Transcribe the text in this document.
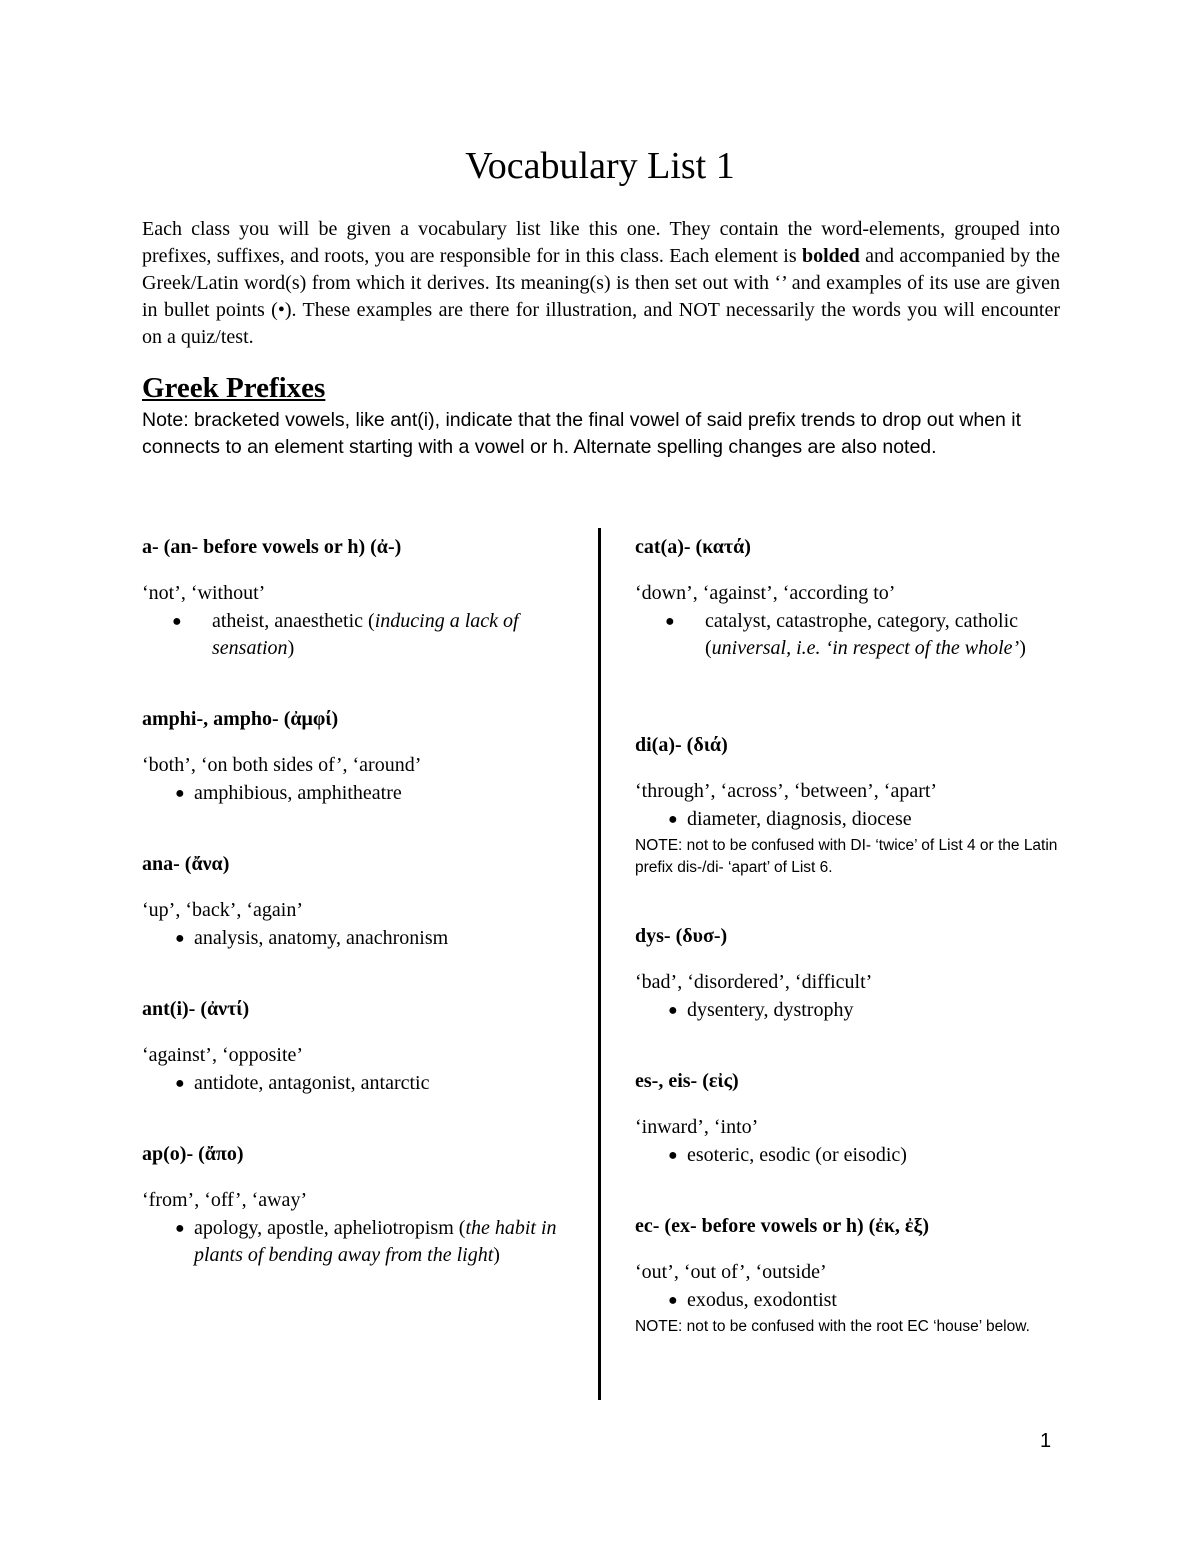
Vocabulary List 1

Each class you will be given a vocabulary list like this one. They contain the word-elements, grouped into prefixes, suffixes, and roots, you are responsible for in this class. Each element is bolded and accompanied by the Greek/Latin word(s) from which it derives. Its meaning(s) is then set out with ‘’ and examples of its use are given in bullet points (•). These examples are there for illustration, and NOT necessarily the words you will encounter on a quiz/test.

Greek Prefixes

Note: bracketed vowels, like ant(i), indicate that the final vowel of said prefix trends to drop out when it connects to an element starting with a vowel or h. Alternate spelling changes are also noted.

a- (an- before vowels or h) (ἀ-)

‘not’, ‘without’

● atheist, anaesthetic (inducing a lack of sensation)

amphi-, ampho- (ἀμφί)

‘both’, ‘on both sides of’, ‘around’

● amphibious, amphitheatre

ana- (ἄνα)

‘up’, ‘back’, ‘again’

● analysis, anatomy, anachronism

ant(i)- (ἀντί)

‘against’, ‘opposite’

● antidote, antagonist, antarctic

ap(o)- (ἄπο)

‘from’, ‘off’, ‘away’

● apology, apostle, apheliotropism (the habit in plants of bending away from the light)

cat(a)- (κατά)

‘down’, ‘against’, ‘according to’

● catalyst, catastrophe, category, catholic (universal, i.e. ‘in respect of the whole’)

di(a)- (διά)

‘through’, ‘across’, ‘between’, ‘apart’

● diameter, diagnosis, diocese

NOTE: not to be confused with DI- ‘twice’ of List 4 or the Latin prefix dis-/di- ‘apart’ of List 6.

dys- (δυσ-)

‘bad’, ‘disordered’, ‘difficult’

● dysentery, dystrophy

es-, eis- (εἰς)

‘inward’, ‘into’

● esoteric, esodic (or eisodic)

ec- (ex- before vowels or h) (ἐκ, ἐξ)

‘out’, ‘out of’, ‘outside’

● exodus, exodontist

NOTE: not to be confused with the root EC ‘house’ below.

1
